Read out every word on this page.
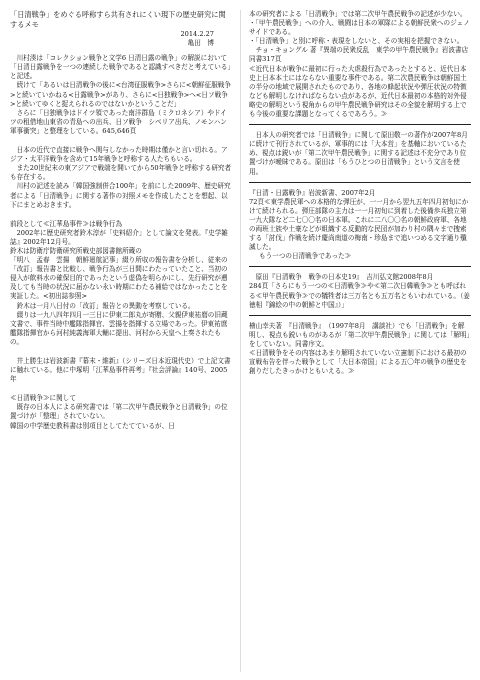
「日清戦争」をめぐる呼称すら共有されにくい現下の歴史研究に関するメモ

2014.2.27

亀田　博

　川村湊は「コレクション戦争と文学6 日清日露の戦争」の解説において「日清日露戦争を一つの連続した戦争であると認識すべきだと考えている」と記述。

　続けて「あるいは日清戦争の後に<台湾征服戦争>さらに<朝鮮征服戦争>と続いていかねる<日露戦争>があり、さらに<日独戦争>へ<日ソ戦争>と続いてゆくと捉えられるのではないかということだ」

　さらに「日独戦争はドイツ領であった南洋群島（ミクロネシア）やドイツの租借地山東省の青島への出兵、日ソ戦争　シベリア出兵、ノモンハン軍事衝突」と整理をしている。645,646頁

　日本の近代で直接に戦争へ関与しなかった時期は僅かと言い切れる。アジア・太平洋戦争を含めて15年戦争と呼称する人たちもいる。

　また20世紀末の東アジアで戦端を開いてから50年戦争と呼称する研究者も存在する。

　川村の記述を読み「韓国強制併合100年」を前にした2009年、歴史研究者による「日清戦争」に関する著作の対照メモを作成したことを想起、以下にまとめおきます。

前段として≪江華島事件≫は戦争行為

　2002年に歴史研究者鈴木淳が「史料紹介」として論文を発表。『史学雑誌』2002年12月号。

鈴木は防衛庁防衛研究所戦史部図書館所蔵の

「明八　孟春　雲揚　朝鮮廻航記事」綴り所収の報告書を分析し、従来の「改訂」報告書と比較し、戦争行為が三日間にわたっていたこと、当初の侵入が飲料水の確保目的であったという虚偽を明らかにし、先行研究が遡及しても当時の状況に届かない永い時期にわたる補給ではなかったことを実証した。<初出誌参照>

　鈴木は一月八日付の「改訂」報告との異動を考察している。

　綴りは一九八四年四月一三日に伊東二郎丸が寄贈、父親伊東祐麿の旧蔵文書で、事件当時中艦隊指揮官、雲揚を指揮する立場であった。伊東祐麿艦隊指揮官から河村純義海軍大輔に提出、河村から天皇へ上奏されたもの。

　井上勝生は岩波新書『幕末・維新』（シリーズ日本近現代史）で上記文書に触れている。他に中塚明「江華島事件再考」『社会評論』140号、2005年

≪日清戦争≫に関して

　既存の日本人による研究書では「第二次甲午農民戦争と日清戦争」の位置づけが「整理」されていない。

韓国の中学歴史教科書は別項目としてたてているが、日

本の研究者による「日清戦争」では第二次甲午農民戦争の記述が少ない。

・「甲午農民戦争」への介入、戦闘は日本の軍隊による朝鮮民衆へのジェノサイドである。

・「日清戦争」と別に呼称・表現をしないと、その実相を把握できない。

　チョ・キョングル 著『異端の民衆反乱　東学の甲午農民戦争』岩波書店同書317頁

≪近代日本が戦争に最初に行った大虐殺行為であったとすると、近代日本史上日本本土にはならない重要な事件である。第二次農民戦争は朝鮮国土の半分の地域で展開されたものであり、各地の蜂起状況や弾圧状況の特徴なども解明しなければならない点があるが、近代日本最初の本格的対外侵略史の解明という視角からの甲午農民戦争研究はその全貌を解明する上でも今後の重要な課題となってくるであろう。≫

　日本人の研究者では「日清戦争」に関して原田敬一の著作が2007年8月に続けて刊行されているが、軍事的には「大本営」を基軸においているため、視点は鋭いが「第二次甲午農民戦争」に関する記述は不充分であり位置づけが曖昧である。原田は「もうひとつの日清戦争」という文言を使用。

『日清・日露戦争』岩波新書、2007年2月

72頁≪東学農民軍への本格的な弾圧が、一一月から翌九五年四月初旬にかけて続けられる。弾圧部隊の主力は一一月初旬に到着した後備歩兵独立第一九大隊など二七〇〇名の日本軍。これに二八〇〇名の朝鮮政府軍、各地の両班士族や土豪などが組織する反動的な民団が加わり村の隅々まで捜索する「討伐」作戦を続け慶尚南道の梅南・珍島まで追いつめる文字通り殲滅した。

もう一つの日清戦争であった≫

　原田『日清戦争　戦争の日本史19』　吉川弘文館2008年8月

284頁「さらにもう一つの≪日清戦争≫や≪第二次日韓戦争≫とも呼ばれる≪甲午農民戦争≫での犠牲者は三万名とも五万名ともいわれている。（姜徳相『錦絵の中の朝鮮と中国』）」

檜山幸夫著　『日清戦争』　（1997年8月　講談社）でも「日清戦争」を解明し、視点も鋭いものがあるが「第二次甲午農民戦争」に関しては「解明」をしていない。同書序文。

≪日清戦争をその内容はあまり解明されていない立憲制下における最初の宣戦布告を伴った戦争として「大日本帝国」による五〇年の戦争の歴史を創りだしたきっかけともいえる。≫
